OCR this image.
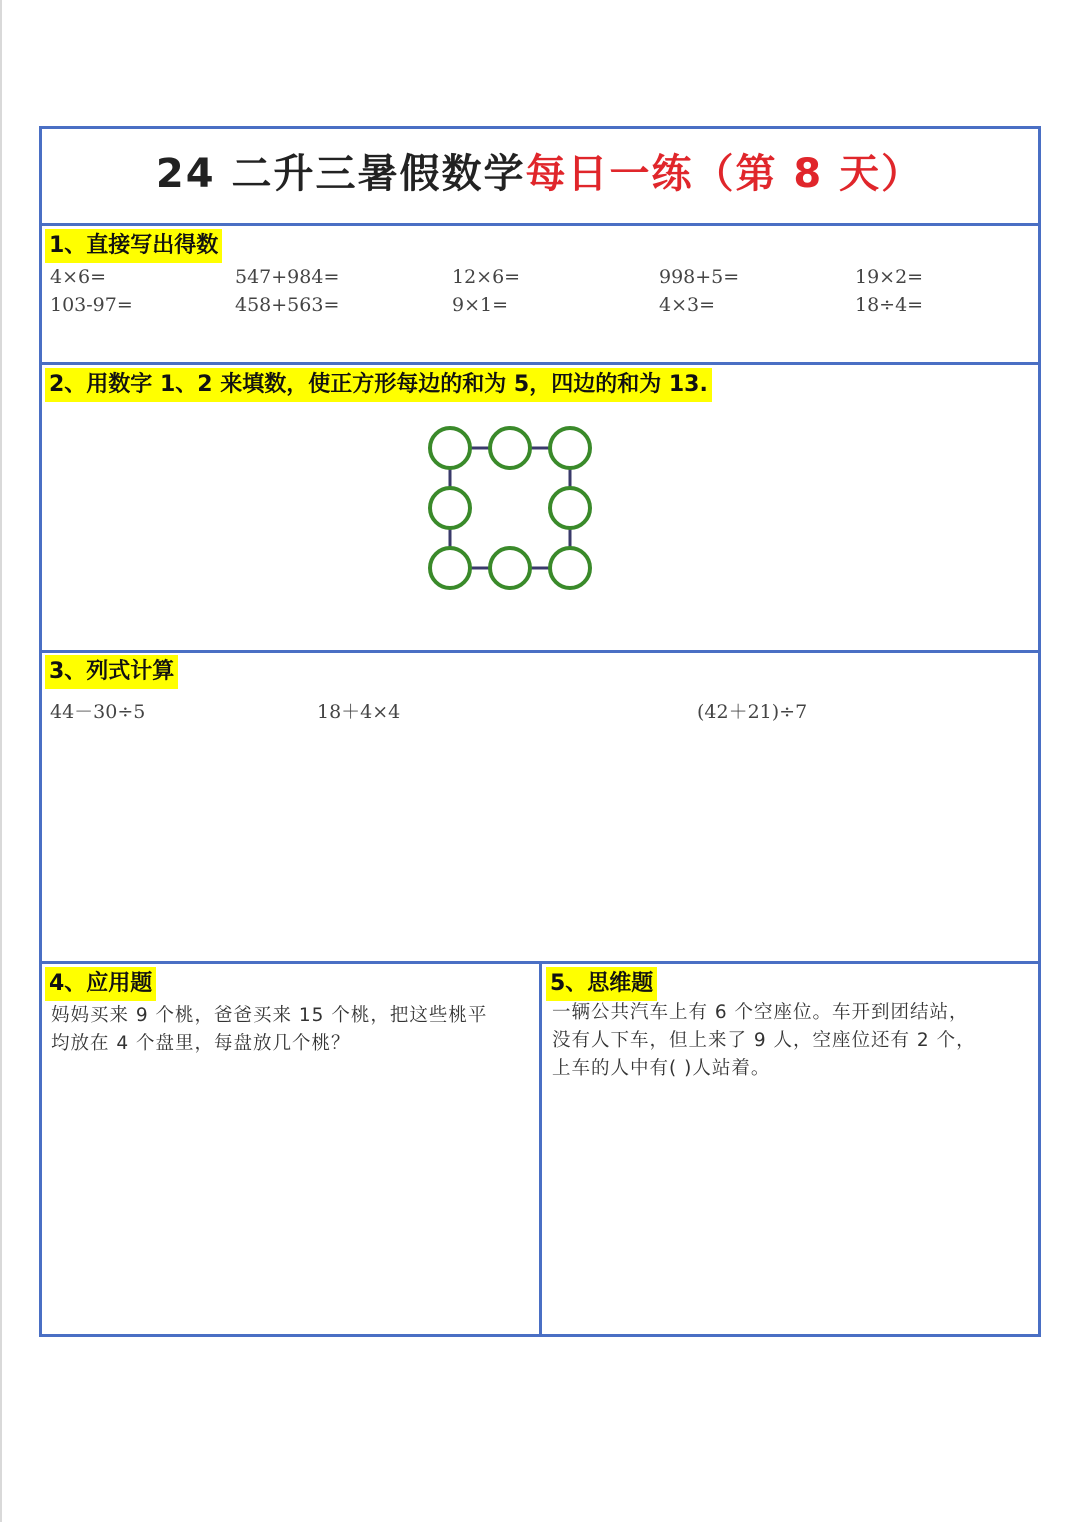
24 二升三暑假数学每日一练（第 8 天）
1、直接写出得数
4×6=	547+984=	12×6=	998+5=	19×2=
103-97=	458+563=	9×1=	4×3=	18÷4=
2、用数字 1、2 来填数，使正方形每边的和为 5，四边的和为 13.
3、列式计算
44－30÷5	18＋4×4	(42＋21)÷7
4、应用题
妈妈买来 9 个桃，爸爸买来 15 个桃，把这些桃平
均放在 4 个盘里，每盘放几个桃？
5、思维题
一辆公共汽车上有 6 个空座位。车开到团结站，
没有人下车，但上来了 9 人，空座位还有 2 个，
上车的人中有( )人站着。
